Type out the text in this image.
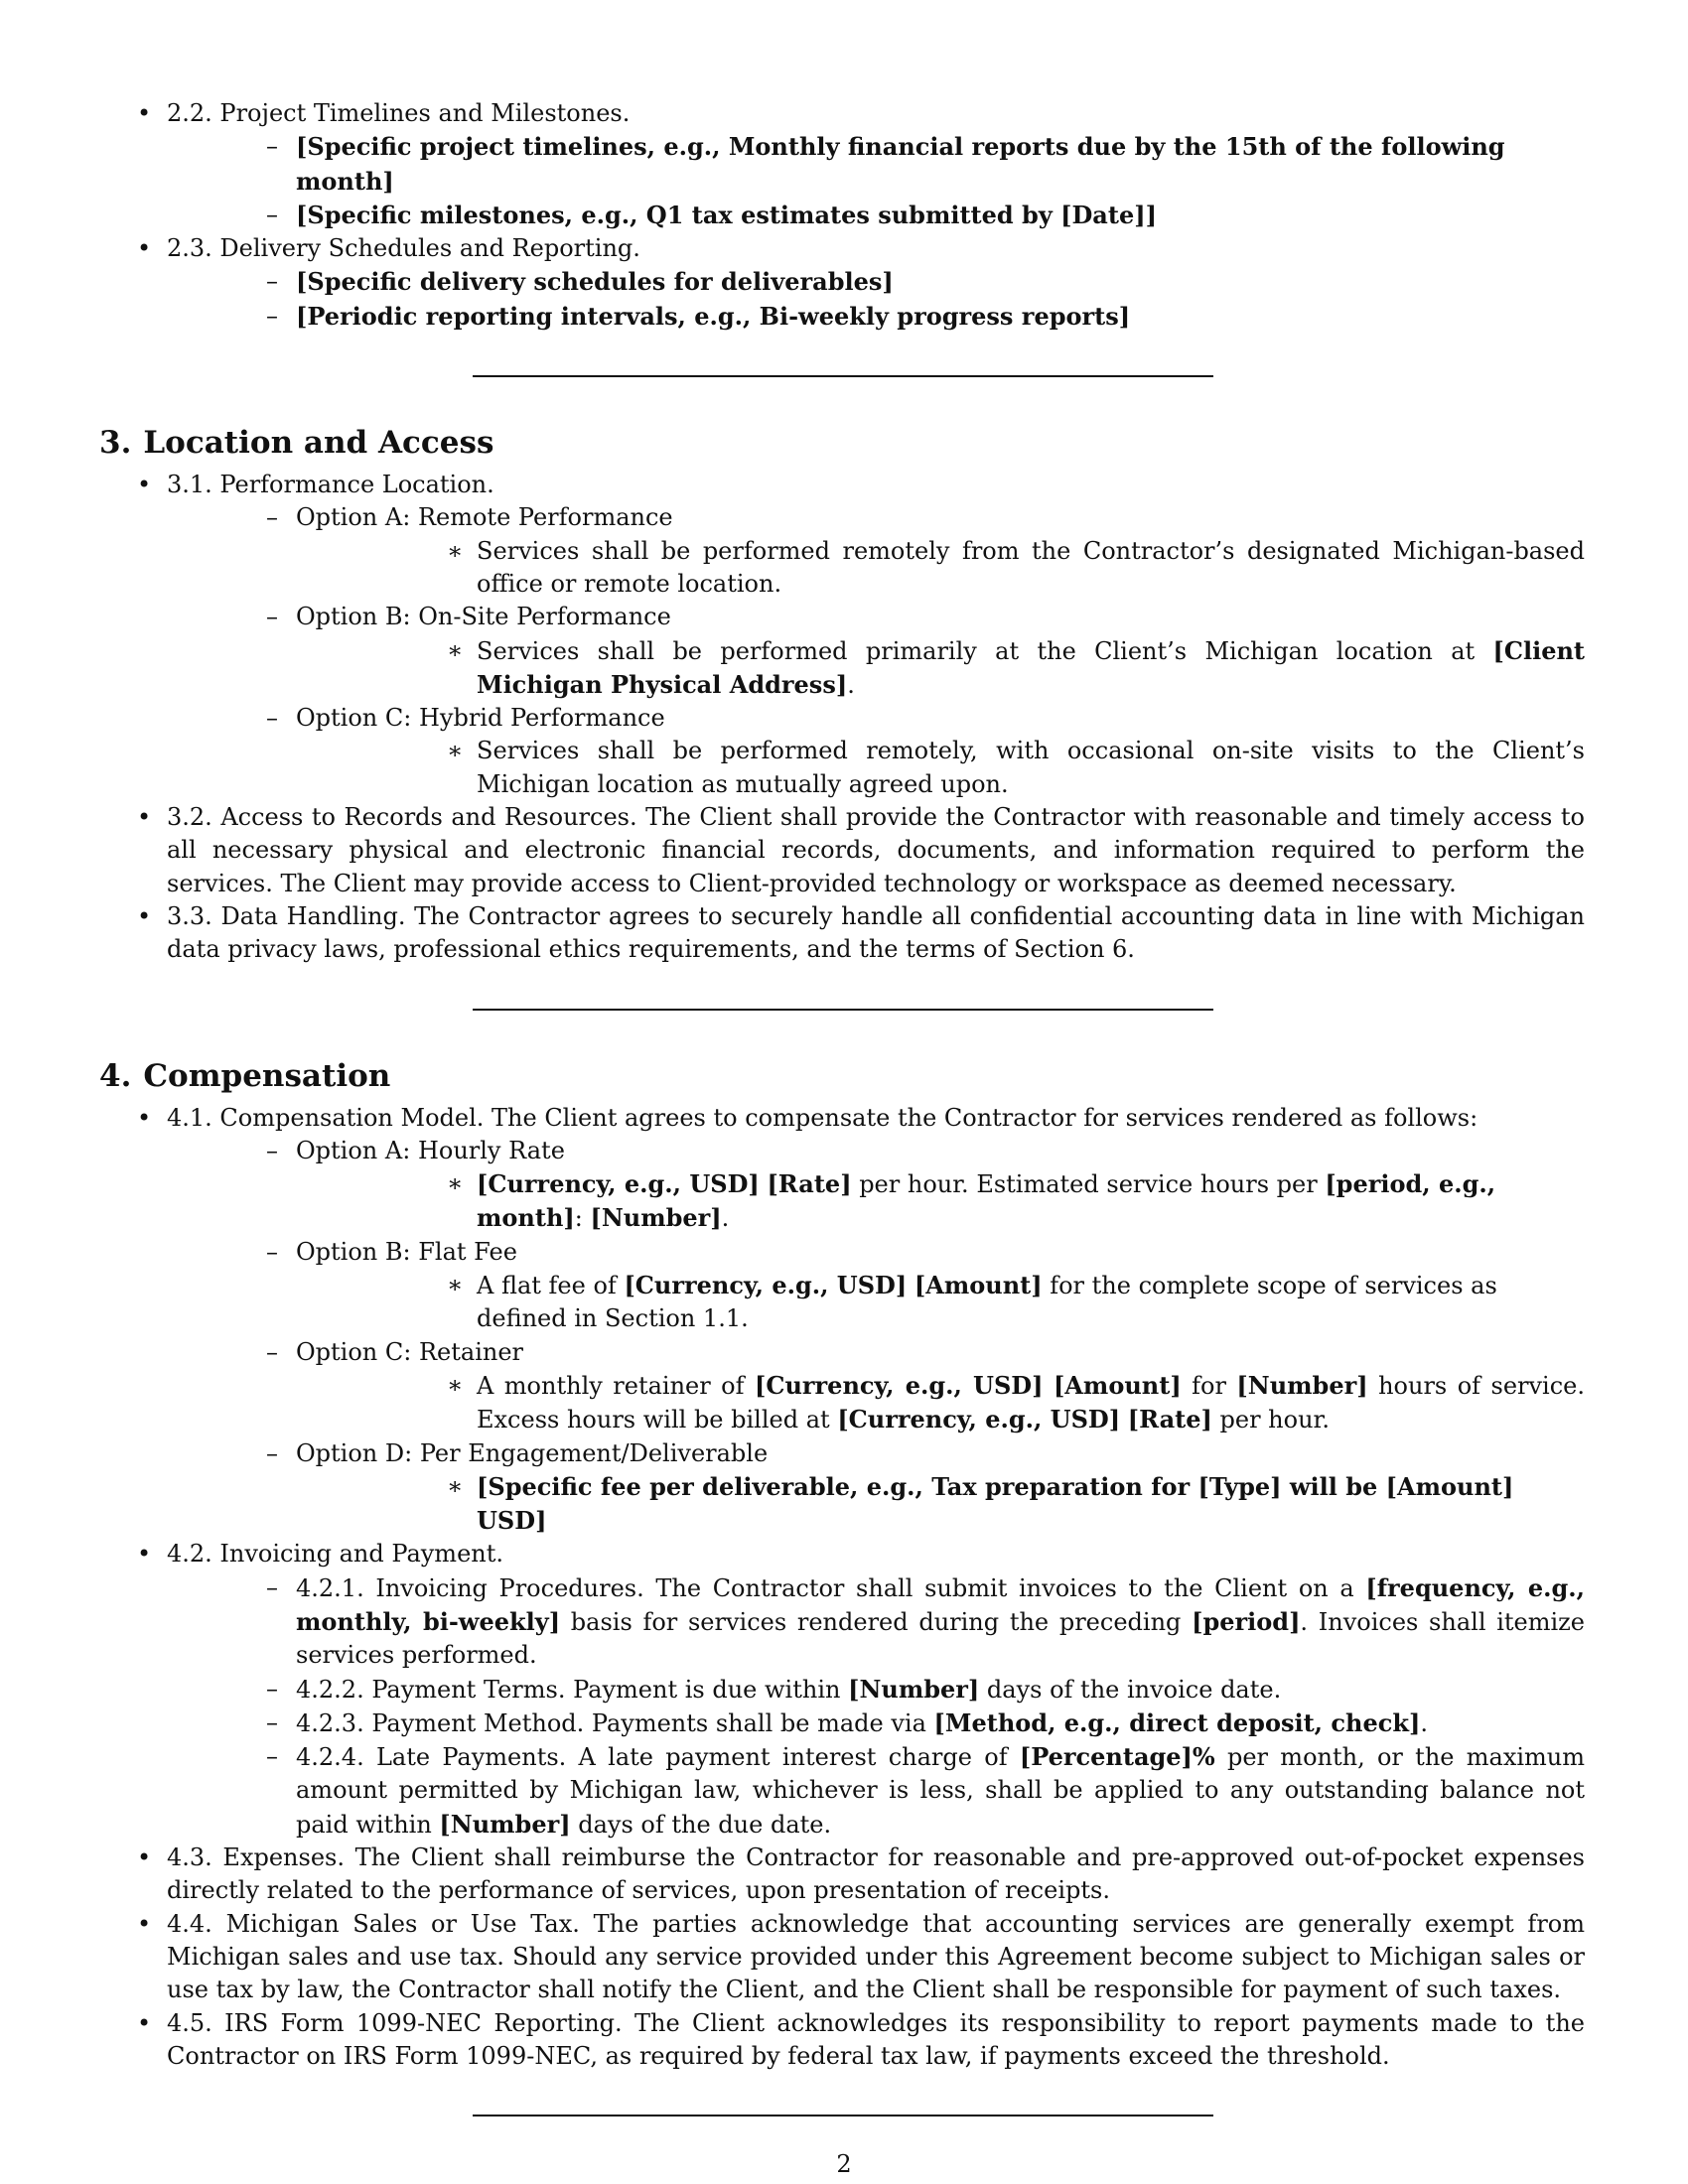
• 2.2. Project Timelines and Milestones.
– [Specific project timelines, e.g., Monthly financial reports due by the 15th of the following month]
– [Specific milestones, e.g., Q1 tax estimates submitted by [Date]]
• 2.3. Delivery Schedules and Reporting.
– [Specific delivery schedules for deliverables]
– [Periodic reporting intervals, e.g., Bi-weekly progress reports]
3. Location and Access
• 3.1. Performance Location.
– Option A: Remote Performance
∗ Services shall be performed remotely from the Contractor’s designated Michigan-based office or remote location.
– Option B: On-Site Performance
∗ Services shall be performed primarily at the Client’s Michigan location at [Client Michigan Physical Address].
– Option C: Hybrid Performance
∗ Services shall be performed remotely, with occasional on-site visits to the Client’s Michigan location as mutually agreed upon.
• 3.2. Access to Records and Resources. The Client shall provide the Contractor with reasonable and timely access to all necessary physical and electronic financial records, documents, and information required to perform the services. The Client may provide access to Client-provided technology or workspace as deemed necessary.
• 3.3. Data Handling. The Contractor agrees to securely handle all confidential accounting data in line with Michigan data privacy laws, professional ethics requirements, and the terms of Section 6.
4. Compensation
• 4.1. Compensation Model. The Client agrees to compensate the Contractor for services rendered as follows:
– Option A: Hourly Rate
∗ [Currency, e.g., USD] [Rate] per hour. Estimated service hours per [period, e.g., month]: [Number].
– Option B: Flat Fee
∗ A flat fee of [Currency, e.g., USD] [Amount] for the complete scope of services as defined in Section 1.1.
– Option C: Retainer
∗ A monthly retainer of [Currency, e.g., USD] [Amount] for [Number] hours of service. Excess hours will be billed at [Currency, e.g., USD] [Rate] per hour.
– Option D: Per Engagement/Deliverable
∗ [Specific fee per deliverable, e.g., Tax preparation for [Type] will be [Amount] USD]
• 4.2. Invoicing and Payment.
– 4.2.1. Invoicing Procedures. The Contractor shall submit invoices to the Client on a [frequency, e.g., monthly, bi-weekly] basis for services rendered during the preceding [period]. Invoices shall itemize services performed.
– 4.2.2. Payment Terms. Payment is due within [Number] days of the invoice date.
– 4.2.3. Payment Method. Payments shall be made via [Method, e.g., direct deposit, check].
– 4.2.4. Late Payments. A late payment interest charge of [Percentage]% per month, or the maximum amount permitted by Michigan law, whichever is less, shall be applied to any outstanding balance not paid within [Number] days of the due date.
• 4.3. Expenses. The Client shall reimburse the Contractor for reasonable and pre-approved out-of-pocket expenses directly related to the performance of services, upon presentation of receipts.
• 4.4. Michigan Sales or Use Tax. The parties acknowledge that accounting services are generally exempt from Michigan sales and use tax. Should any service provided under this Agreement become subject to Michigan sales or use tax by law, the Contractor shall notify the Client, and the Client shall be responsible for payment of such taxes.
• 4.5. IRS Form 1099-NEC Reporting. The Client acknowledges its responsibility to report payments made to the Contractor on IRS Form 1099-NEC, as required by federal tax law, if payments exceed the threshold.
2
